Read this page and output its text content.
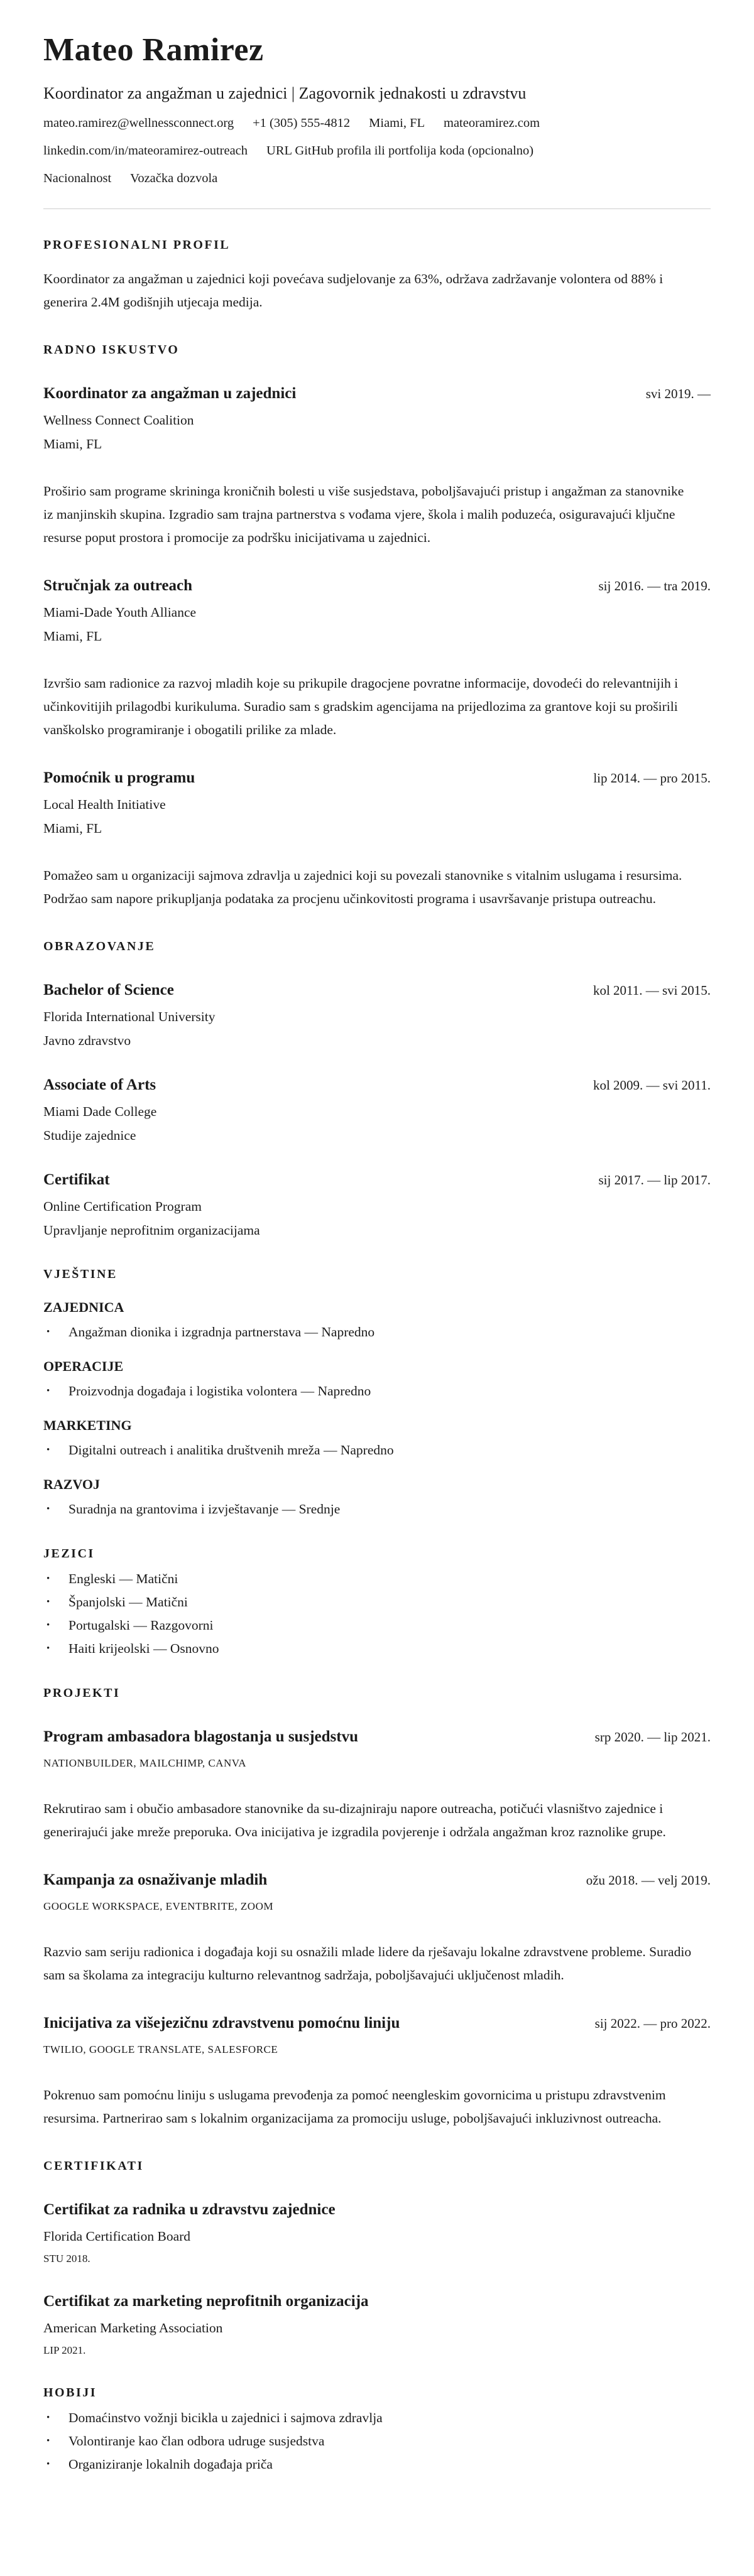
Mateo Ramirez
Koordinator za angažman u zajednici | Zagovornik jednakosti u zdravstvu
mateo.ramirez@wellnessconnect.org +1 (305) 555-4812 Miami, FL mateoramirez.com
linkedin.com/in/mateoramirez-outreach URL GitHub profila ili portfolija koda (opcionalno)
Nacionalnost Vozačka dozvola
PROFESIONALNI PROFIL

Koordinator za angažman u zajednici koji povećava sudjelovanje za 63%, održava zadržavanje volontera od 88% i generira 2.4M godišnjih utjecaja medija.

RADNO ISKUSTVO
Koordinator za angažman u zajednici	svi 2019. —
Wellness Connect Coalition
Miami, FL

Proširio sam programe skrininga kroničnih bolesti u više susjedstava, poboljšavajući pristup i angažman za stanovnike iz manjinskih skupina. Izgradio sam trajna partnerstva s vođama vjere, škola i malih poduzeća, osiguravajući ključne resurse poput prostora i promocije za podršku inicijativama u zajednici.

Stručnjak za outreach	sij 2016. — tra 2019.
Miami-Dade Youth Alliance
Miami, FL

Izvršio sam radionice za razvoj mladih koje su prikupile dragocjene povratne informacije, dovodeći do relevantnijih i učinkovitijih prilagodbi kurikuluma. Suradio sam s gradskim agencijama na prijedlozima za grantove koji su proširili vanškolsko programiranje i obogatili prilike za mlade.

Pomoćnik u programu	lip 2014. — pro 2015.
Local Health Initiative
Miami, FL

Pomažeo sam u organizaciji sajmova zdravlja u zajednici koji su povezali stanovnike s vitalnim uslugama i resursima. Podržao sam napore prikupljanja podataka za procjenu učinkovitosti programa i usavršavanje pristupa outreachu.

OBRAZOVANJE
Bachelor of Science	kol 2011. — svi 2015.
Florida International University
Javno zdravstvo
Associate of Arts	kol 2009. — svi 2011.
Miami Dade College
Studije zajednice
Certifikat	sij 2017. — lip 2017.
Online Certification Program
Upravljanje neprofitnim organizacijama
VJEŠTINE
ZAJEDNICA
•	Angažman dionika i izgradnja partnerstava — Napredno
OPERACIJE
•	Proizvodnja događaja i logistika volontera — Napredno
MARKETING
•	Digitalni outreach i analitika društvenih mreža — Napredno
RAZVOJ
•	Suradnja na grantovima i izvještavanje — Srednje
JEZICI
•	Engleski — Matični
•	Španjolski — Matični
•	Portugalski — Razgovorni
•	Haiti krijeolski — Osnovno
PROJEKTI
Program ambasadora blagostanja u susjedstvu	srp 2020. — lip 2021.
NATIONBUILDER, MAILCHIMP, CANVA

Rekrutirao sam i obučio ambasadore stanovnike da su-dizajniraju napore outreacha, potičući vlasništvo zajednice i generirajući jake mreže preporuka. Ova inicijativa je izgradila povjerenje i održala angažman kroz raznolike grupe.

Kampanja za osnaživanje mladih	ožu 2018. — velj 2019.
GOOGLE WORKSPACE, EVENTBRITE, ZOOM

Razvio sam seriju radionica i događaja koji su osnažili mlade lidere da rješavaju lokalne zdravstvene probleme. Suradio sam sa školama za integraciju kulturno relevantnog sadržaja, poboljšavajući uključenost mladih.

Inicijativa za višejezičnu zdravstvenu pomoćnu liniju	sij 2022. — pro 2022.
TWILIO, GOOGLE TRANSLATE, SALESFORCE

Pokrenuo sam pomoćnu liniju s uslugama prevođenja za pomoć neengleskim govornicima u pristupu zdravstvenim resursima. Partnerirao sam s lokalnim organizacijama za promociju usluge, poboljšavajući inkluzivnost outreacha.

CERTIFIKATI
Certifikat za radnika u zdravstvu zajednice
Florida Certification Board
STU 2018.
Certifikat za marketing neprofitnih organizacija
American Marketing Association
LIP 2021.
HOBIJI
•	Domaćinstvo vožnji bicikla u zajednici i sajmova zdravlja
•	Volontiranje kao član odbora udruge susjedstva
•	Organiziranje lokalnih događaja priča
